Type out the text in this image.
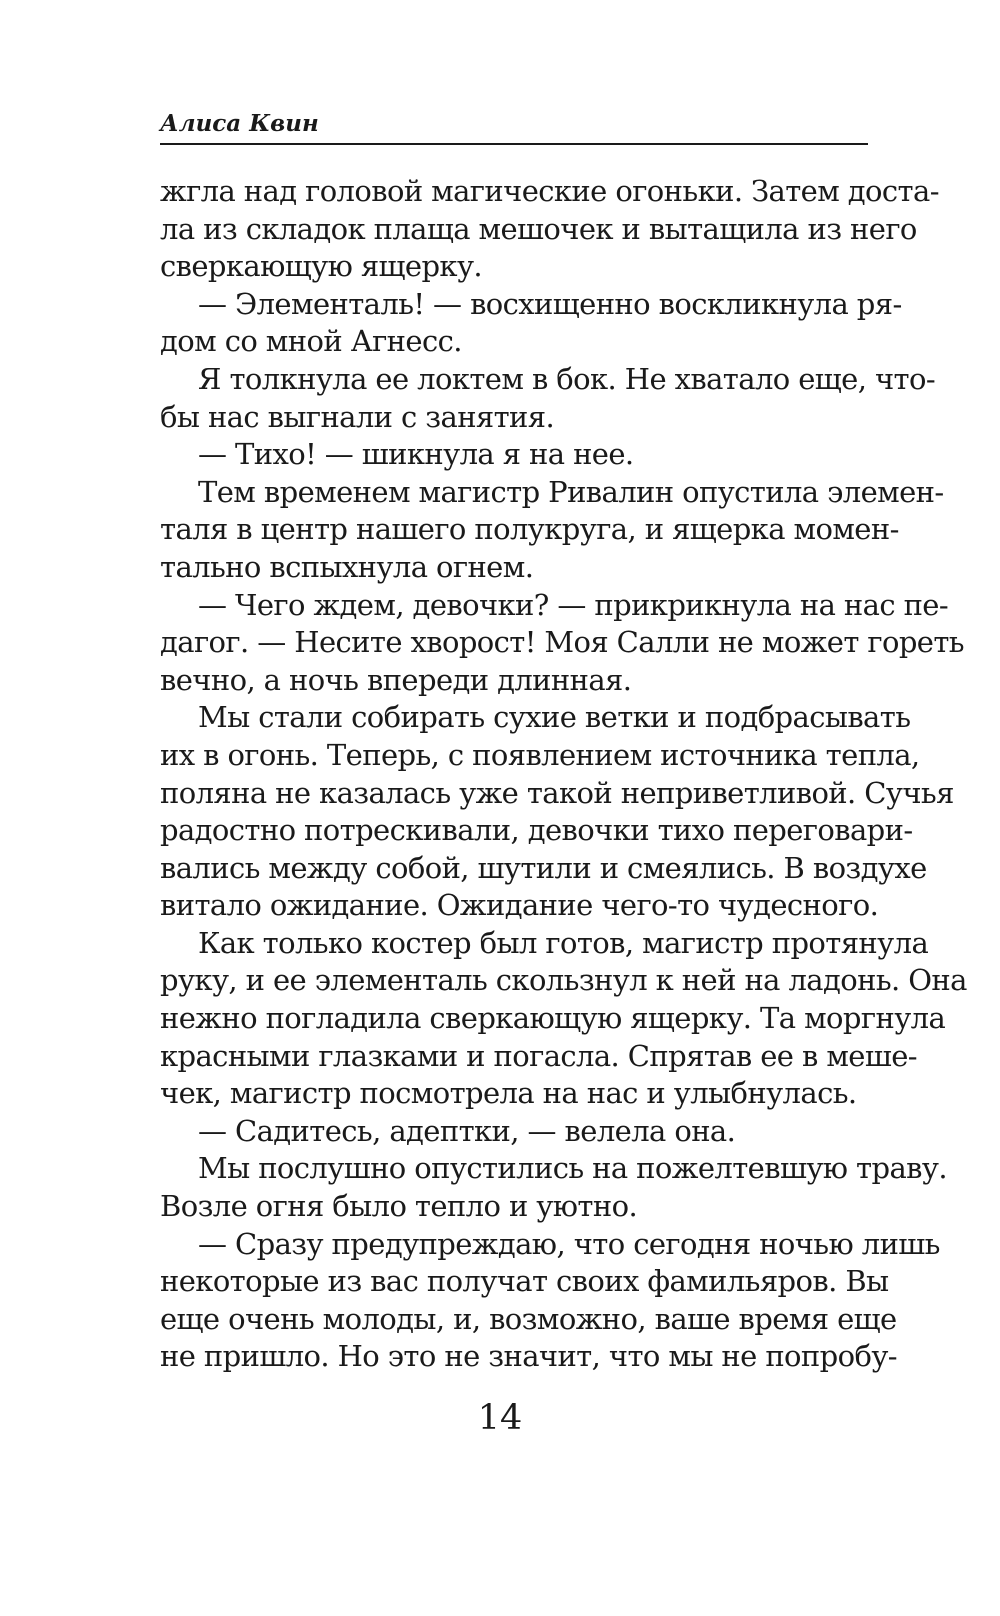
Алиса Квин
жгла над головой магические огоньки. Затем доста-
ла из складок плаща мешочек и вытащила из него
сверкающую ящерку.
— Элементаль! — восхищенно воскликнула ря-
дом со мной Агнесс.
Я толкнула ее локтем в бок. Не хватало еще, что-
бы нас выгнали с занятия.
— Тихо! — шикнула я на нее.
Тем временем магистр Ривалин опустила элемен-
таля в центр нашего полукруга, и ящерка момен-
тально вспыхнула огнем.
— Чего ждем, девочки? — прикрикнула на нас пе-
дагог. — Несите хворост! Моя Салли не может гореть
вечно, а ночь впереди длинная.
Мы стали собирать сухие ветки и подбрасывать
их в огонь. Теперь, с появлением источника тепла,
поляна не казалась уже такой неприветливой. Сучья
радостно потрескивали, девочки тихо переговари-
вались между собой, шутили и смеялись. В воздухе
витало ожидание. Ожидание чего-то чудесного.
Как только костер был готов, магистр протянула
руку, и ее элементаль скользнул к ней на ладонь. Она
нежно погладила сверкающую ящерку. Та моргнула
красными глазками и погасла. Спрятав ее в меше-
чек, магистр посмотрела на нас и улыбнулась.
— Садитесь, адептки, — велела она.
Мы послушно опустились на пожелтевшую траву.
Возле огня было тепло и уютно.
— Сразу предупреждаю, что сегодня ночью лишь
некоторые из вас получат своих фамильяров. Вы
еще очень молоды, и, возможно, ваше время еще
не пришло. Но это не значит, что мы не попробу-
14
